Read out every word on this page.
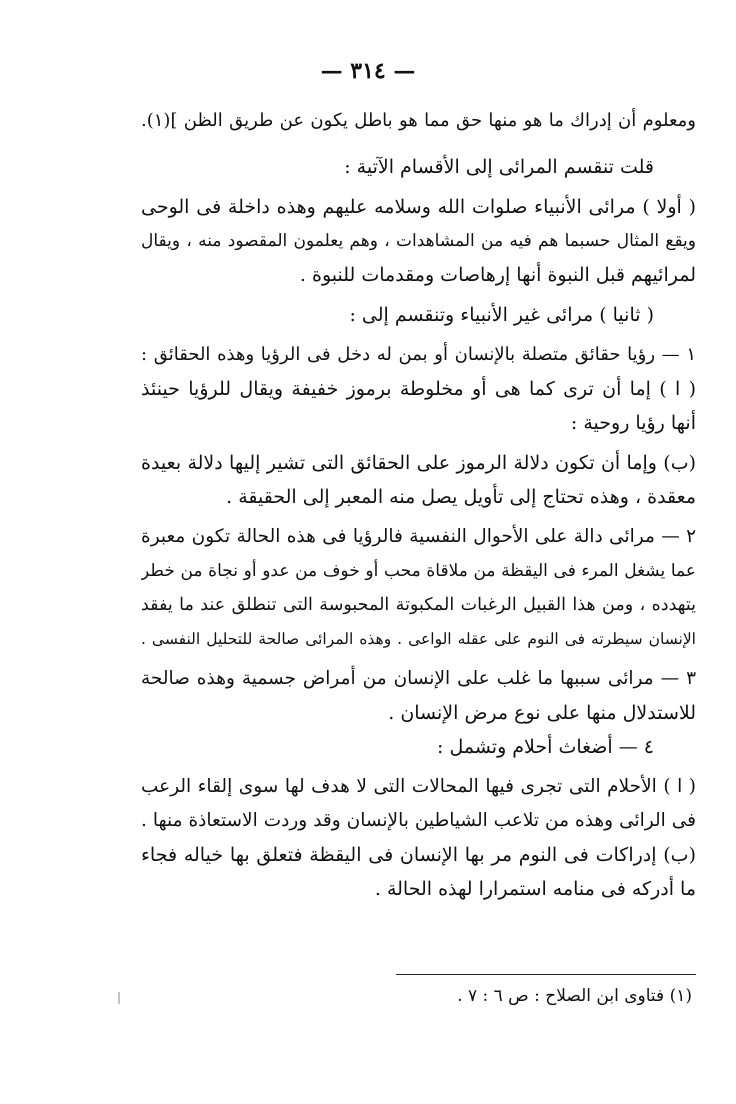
— ٣١٤ —
ومعلوم أن إدراك ما هو منها حق مما هو باطل يكون عن طريق الظن ](١).
قلت تنقسم المرائى إلى الأقسام الآتية :
( أولا ) مرائى الأنبياء صلوات الله وسلامه عليهم وهذه داخلة فى الوحى
ويقع المثال حسبما هم فيه من المشاهدات ، وهم يعلمون المقصود منه ، ويقال
لمرائيهم قبل النبوة أنها إرهاصات ومقدمات للنبوة .
( ثانيا ) مرائى غير الأنبياء وتنقسم إلى :
١ — رؤيا حقائق متصلة بالإنسان أو بمن له دخل فى الرؤيا وهذه الحقائق :
( ا ) إما أن ترى كما هى أو مخلوطة برموز خفيفة ويقال للرؤيا حينئذ
أنها رؤيا روحية :
(ب) وإما أن تكون دلالة الرموز على الحقائق التى تشير إليها دلالة بعيدة
معقدة ، وهذه تحتاج إلى تأويل يصل منه المعبر إلى الحقيقة .
٢ — مرائى دالة على الأحوال النفسية فالرؤيا فى هذه الحالة تكون معبرة
عما يشغل المرء فى اليقظة من ملاقاة محب أو خوف من عدو أو نجاة من خطر
يتهدده ، ومن هذا القبيل الرغبات المكبوتة المحبوسة التى تنطلق عند ما يفقد
الإنسان سيطرته فى النوم على عقله الواعى . وهذه المرائى صالحة للتحليل النفسى .
٣ — مرائى سببها ما غلب على الإنسان من أمراض جسمية وهذه صالحة
للاستدلال منها على نوع مرض الإنسان .
٤ — أضغاث أحلام وتشمل :
( ا ) الأحلام التى تجرى فيها المحالات التى لا هدف لها سوى إلقاء الرعب
فى الرائى وهذه من تلاعب الشياطين بالإنسان وقد وردت الاستعاذة منها .
(ب) إدراكات فى النوم مر بها الإنسان فى اليقظة فتعلق بها خياله فجاء
ما أدركه فى منامه استمرارا لهذه الحالة .
(١) فتاوى ابن الصلاح : ص ٦ : ٧ .
